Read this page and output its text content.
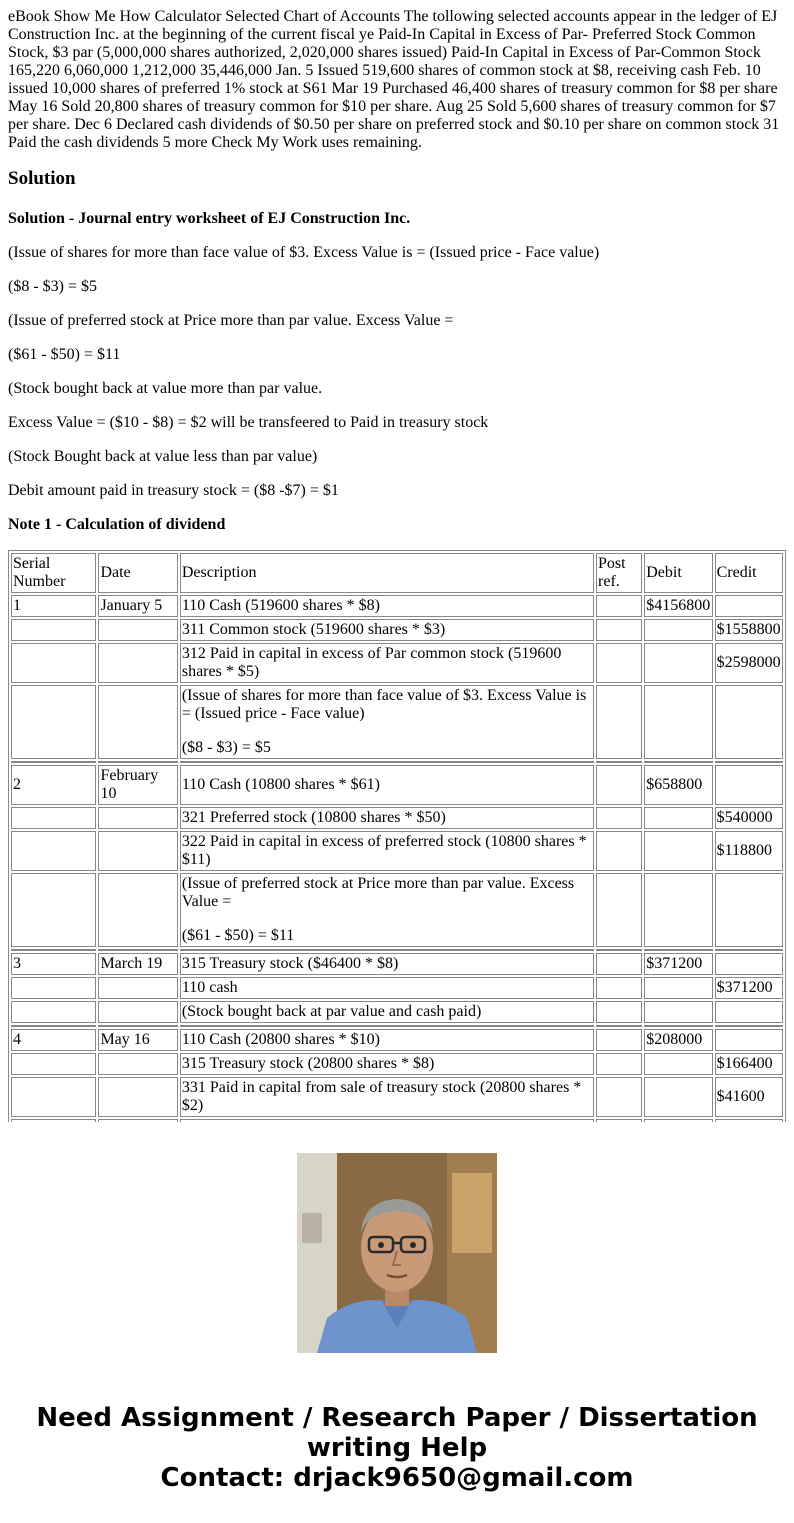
eBook Show Me How Calculator Selected Chart of Accounts The tollowing selected accounts appear in the ledger of EJ Construction Inc. at the beginning of the current fiscal ye Paid-In Capital in Excess of Par- Preferred Stock Common Stock, $3 par (5,000,000 shares authorized, 2,020,000 shares issued) Paid-In Capital in Excess of Par-Common Stock 165,220 6,060,000 1,212,000 35,446,000 Jan. 5 Issued 519,600 shares of common stock at $8, receiving cash Feb. 10 issued 10,000 shares of preferred 1% stock at S61 Mar 19 Purchased 46,400 shares of treasury common for $8 per share May 16 Sold 20,800 shares of treasury common for $10 per share. Aug 25 Sold 5,600 shares of treasury common for $7 per share. Dec 6 Declared cash dividends of $0.50 per share on preferred stock and $0.10 per share on common stock 31 Paid the cash dividends 5 more Check My Work uses remaining.
Solution
Solution - Journal entry worksheet of EJ Construction Inc.
(Issue of shares for more than face value of $3. Excess Value is = (Issued price - Face value)
($8 - $3) = $5
(Issue of preferred stock at Price more than par value. Excess Value =
($61 - $50) = $11
(Stock bought back at value more than par value.
Excess Value = ($10 - $8) = $2 will be transfeered to Paid in treasury stock
(Stock Bought back at value less than par value)
Debit amount paid in treasury stock = ($8 -$7) = $1
Note 1 - Calculation of dividend
Serial Number	Date	Description	Post ref.	Debit	Credit
1	January 5	110 Cash (519600 shares * $8)		$4156800	
		311 Common stock (519600 shares * $3)			$1558800
		312 Paid in capital in excess of Par common stock (519600 shares * $5)			$2598000

		(Issue of shares for more than face value of $3. Excess Value is = (Issued price - Face value)
($8 - $3) = $5			

2	February 10	110 Cash (10800 shares * $61)		$658800	
		321 Preferred stock (10800 shares * $50)			$540000
		322 Paid in capital in excess of preferred stock (10800 shares * $11)			$118800

		(Issue of preferred stock at Price more than par value. Excess Value =
($61 - $50) = $11			

3	March 19	315 Treasury stock ($46400 * $8)		$371200	
		110 cash			$371200
		(Stock bought back at par value and cash paid)			

4	May 16	110 Cash (20800 shares * $10)		$208000	
		315 Treasury stock (20800 shares * $8)			$166400
		331 Paid in capital from sale of treasury stock (20800 shares * $2)			$41600

Need Assignment / Research Paper / Dissertation
writing Help
Contact: drjack9650@gmail.com
